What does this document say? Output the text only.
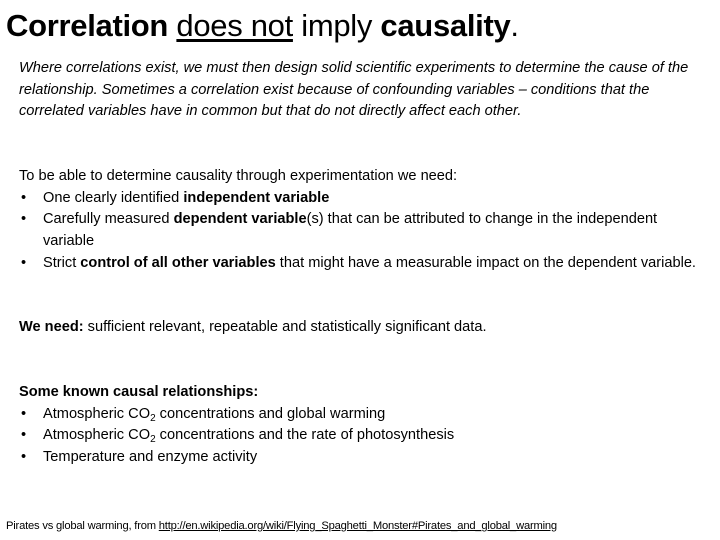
Correlation does not imply causality.

Where correlations exist, we must then design solid scientific experiments to determine the cause of the relationship. Sometimes a correlation exist because of confounding variables – conditions that the correlated variables have in common but that do not directly affect each other.

To be able to determine causality through experimentation we need:

• One clearly identified independent variable
• Carefully measured dependent variable(s) that can be attributed to change in the independent variable
• Strict control of all other variables that might have a measurable impact on the dependent variable.

We need: sufficient relevant, repeatable and statistically significant data.

Some known causal relationships:

• Atmospheric $CO_2$ concentrations and global warming
• Atmospheric $CO_2$ concentrations and the rate of photosynthesis
• Temperature and enzyme activity

Pirates vs global warming, from http://en.wikipedia.org/wiki/Flying_Spaghetti_Monster#Pirates_and_global_warming
